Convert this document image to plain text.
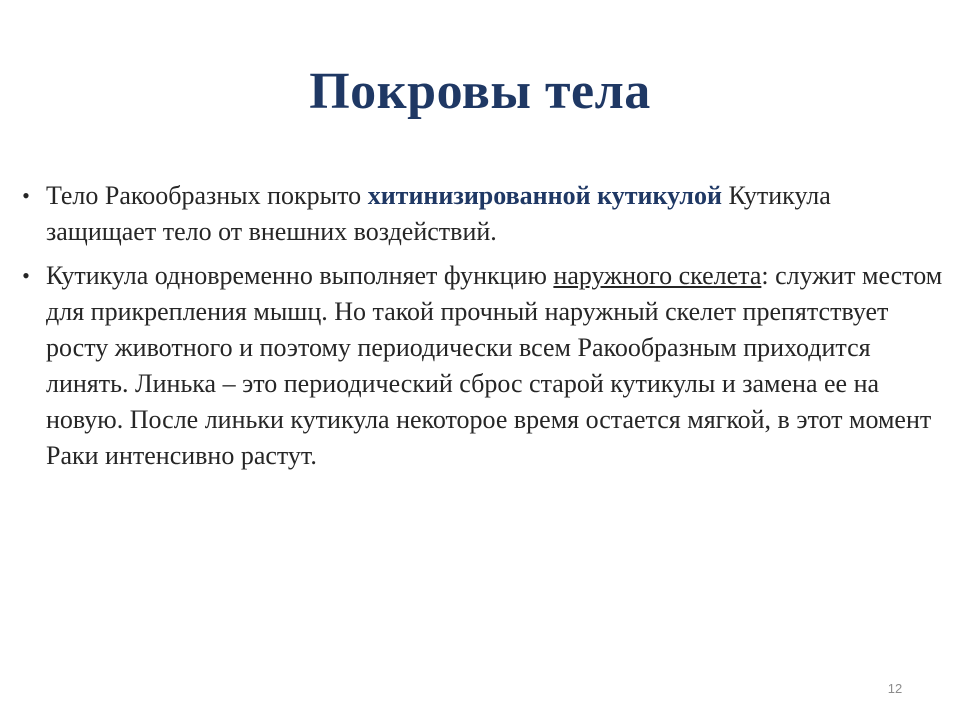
Покровы тела
• Тело Ракообразных покрыто хитинизированной кутикулой Кутикула защищает тело от внешних воздействий.
• Кутикула одновременно выполняет функцию наружного скелета: служит местом для прикрепления мышц. Но такой прочный наружный скелет препятствует росту животного и поэтому периодически всем Ракообразным приходится линять. Линька – это периодический сброс старой кутикулы и замена ее на новую. После линьки кутикула некоторое время остается мягкой, в этот момент Раки интенсивно растут.
12
